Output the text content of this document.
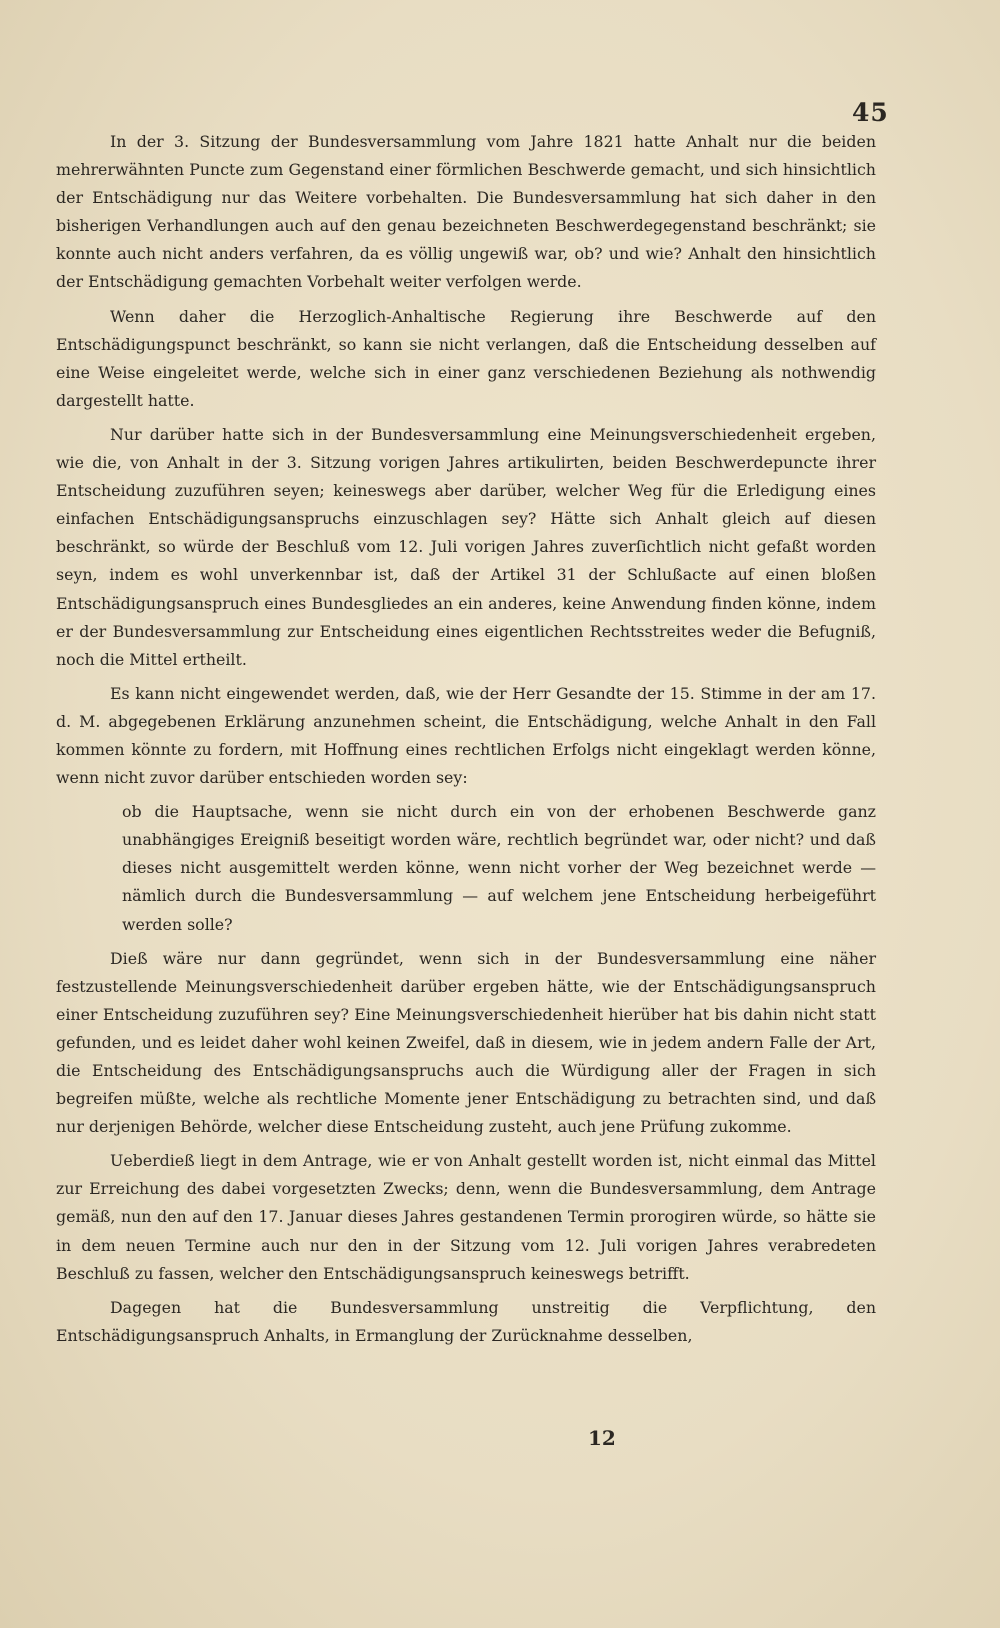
45

In der 3. Sitzung der Bundesversammlung vom Jahre 1821 hatte Anhalt nur die beiden mehrerwähnten Puncte zum Gegenstand einer förmlichen Beschwerde gemacht, und sich hinsichtlich der Entschädigung nur das Weitere vorbehalten. Die Bundesversammlung hat sich daher in den bisherigen Verhandlungen auch auf den genau bezeichneten Beschwerdegegenstand beschränkt; sie konnte auch nicht anders verfahren, da es völlig ungewiß war, ob? und wie? Anhalt den hinsichtlich der Entschädigung gemachten Vorbehalt weiter verfolgen werde.

Wenn daher die Herzoglich-Anhaltische Regierung ihre Beschwerde auf den Entschädigungspunct beschränkt, so kann sie nicht verlangen, daß die Entscheidung desselben auf eine Weise eingeleitet werde, welche sich in einer ganz verschiedenen Beziehung als nothwendig dargestellt hatte.

Nur darüber hatte sich in der Bundesversammlung eine Meinungsverschiedenheit ergeben, wie die, von Anhalt in der 3. Sitzung vorigen Jahres artikulirten, beiden Beschwerdepuncte ihrer Entscheidung zuzuführen seyen; keineswegs aber darüber, welcher Weg für die Erledigung eines einfachen Entschädigungsanspruchs einzuschlagen sey? Hätte sich Anhalt gleich auf diesen beschränkt, so würde der Beschluß vom 12. Juli vorigen Jahres zuverſichtlich nicht gefaßt worden seyn, indem es wohl unverkennbar ist, daß der Artikel 31 der Schlußacte auf einen bloßen Entschädigungsanspruch eines Bundesgliedes an ein anderes, keine Anwendung finden könne, indem er der Bundesversammlung zur Entscheidung eines eigentlichen Rechtsstreites weder die Befugniß, noch die Mittel ertheilt.

Es kann nicht eingewendet werden, daß, wie der Herr Gesandte der 15. Stimme in der am 17. d. M. abgegebenen Erklärung anzunehmen scheint, die Entschädigung, welche Anhalt in den Fall kommen könnte zu fordern, mit Hoffnung eines rechtlichen Erfolgs nicht eingeklagt werden könne, wenn nicht zuvor darüber entschieden worden sey:

ob die Hauptsache, wenn sie nicht durch ein von der erhobenen Beschwerde ganz unabhängiges Ereigniß beseitigt worden wäre, rechtlich begründet war, oder nicht? und daß dieses nicht ausgemittelt werden könne, wenn nicht vorher der Weg bezeichnet werde — nämlich durch die Bundesversammlung — auf welchem jene Entscheidung herbeigeführt werden solle?

Dieß wäre nur dann gegründet, wenn sich in der Bundesversammlung eine näher festzustellende Meinungsverschiedenheit darüber ergeben hätte, wie der Entschädigungsanspruch einer Entscheidung zuzuführen sey? Eine Meinungsverschiedenheit hierüber hat bis dahin nicht statt gefunden, und es leidet daher wohl keinen Zweifel, daß in diesem, wie in jedem andern Falle der Art, die Entscheidung des Entschädigungsanspruchs auch die Würdigung aller der Fragen in sich begreifen müßte, welche als rechtliche Momente jener Entschädigung zu betrachten sind, und daß nur derjenigen Behörde, welcher diese Entscheidung zusteht, auch jene Prüfung zukomme.

Ueberdieß liegt in dem Antrage, wie er von Anhalt gestellt worden ist, nicht einmal das Mittel zur Erreichung des dabei vorgesetzten Zwecks; denn, wenn die Bundesversammlung, dem Antrage gemäß, nun den auf den 17. Januar dieses Jahres gestandenen Termin prorogiren würde, so hätte sie in dem neuen Termine auch nur den in der Sitzung vom 12. Juli vorigen Jahres verabredeten Beschluß zu fassen, welcher den Entschädigungsanspruch keineswegs betrifft.

Dagegen hat die Bundesversammlung unstreitig die Verpflichtung, den Entschädigungsanspruch Anhalts, in Ermanglung der Zurücknahme desselben,

12
